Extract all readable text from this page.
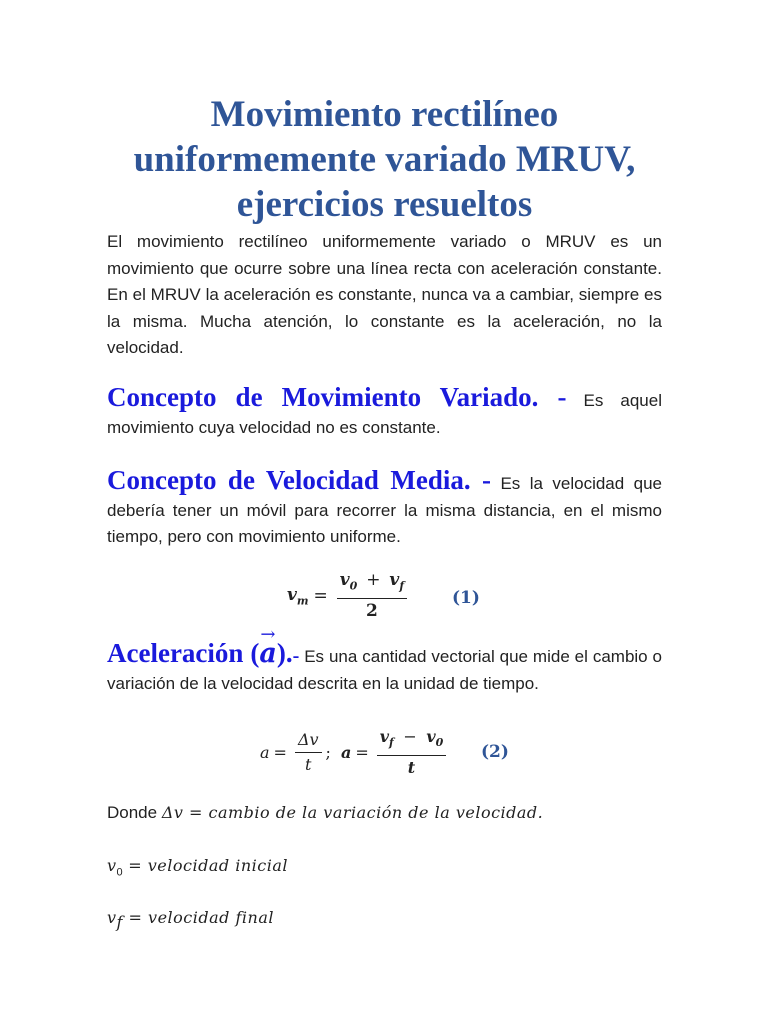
Movimiento rectilíneo
uniformemente variado MRUV,
ejercicios resueltos

El movimiento rectilíneo uniformemente variado o MRUV es un movimiento que ocurre sobre una línea recta con aceleración constante. En el MRUV la aceleración es constante, nunca va a cambiar, siempre es la misma. Mucha atención, lo constante es la aceleración, no la velocidad.

Concepto de Movimiento Variado. - Es aquel movimiento cuya velocidad no es constante.

Concepto de Velocidad Media. - Es la velocidad que debería tener un móvil para recorrer la misma distancia, en el mismo tiempo, pero con movimiento uniforme.

$v_m = \frac{v_0 + v_f}{2}$	(1)

Aceleración (→ a).- Es una cantidad vectorial que mide el cambio o variación de la velocidad descrita en la unidad de tiempo.

$a = \frac{\Delta v}{t}$ ; $a = \frac{v_f - v_0}{t} (2)$
Donde Δv = cambio de la variación de la velocidad.
$v_0$ = velocidad inicial
$v_f$ = velocidad final
